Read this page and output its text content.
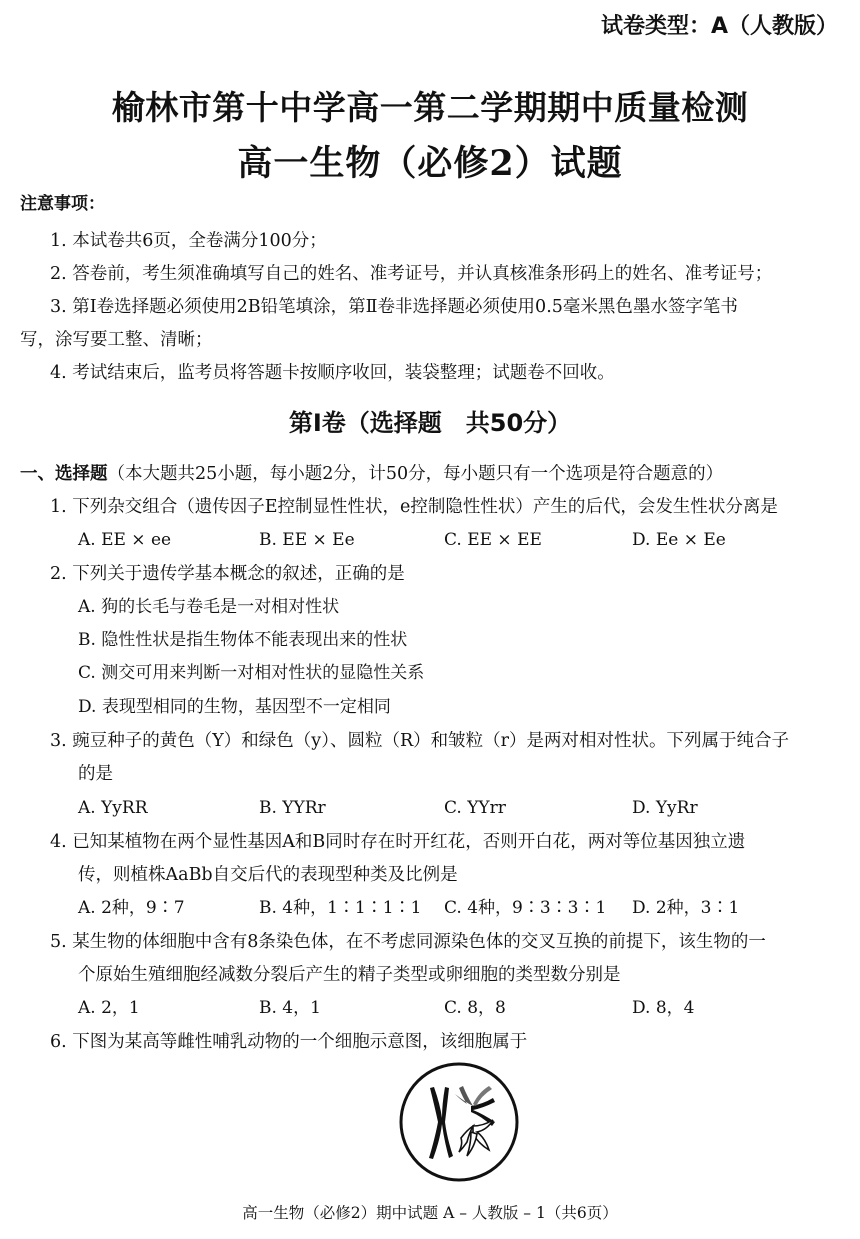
试卷类型：A（人教版）
榆林市第十中学高一第二学期期中质量检测
高一生物（必修2）试题
注意事项：
1. 本试卷共6页，全卷满分100分；
2. 答卷前，考生须准确填写自己的姓名、准考证号，并认真核准条形码上的姓名、准考证号；
3. 第Ⅰ卷选择题必须使用2B铅笔填涂，第Ⅱ卷非选择题必须使用0.5毫米黑色墨水签字笔书
写，涂写要工整、清晰；
4. 考试结束后，监考员将答题卡按顺序收回，装袋整理；试题卷不回收。
第Ⅰ卷（选择题　共50分）
一、选择题（本大题共25小题，每小题2分，计50分，每小题只有一个选项是符合题意的）
1. 下列杂交组合（遗传因子E控制显性性状，e控制隐性性状）产生的后代，会发生性状分离是
A. EE × ee	B. EE × Ee	C. EE × EE	D. Ee × Ee
2. 下列关于遗传学基本概念的叙述，正确的是
A. 狗的长毛与卷毛是一对相对性状
B. 隐性性状是指生物体不能表现出来的性状
C. 测交可用来判断一对相对性状的显隐性关系
D. 表现型相同的生物，基因型不一定相同
3. 豌豆种子的黄色（Y）和绿色（y）、圆粒（R）和皱粒（r）是两对相对性状。下列属于纯合子
的是
A. YyRR	B. YYRr	C. YYrr	D. YyRr
4. 已知某植物在两个显性基因A和B同时存在时开红花，否则开白花，两对等位基因独立遗
传，则植株AaBb自交后代的表现型种类及比例是
A. 2种，9∶7	B. 4种，1∶1∶1∶1 C. 4种，9∶3∶3∶1 D. 2种，3∶1
5. 某生物的体细胞中含有8条染色体，在不考虑同源染色体的交叉互换的前提下，该生物的一
个原始生殖细胞经减数分裂后产生的精子类型或卵细胞的类型数分别是
A. 2，1	B. 4，1	C. 8，8	D. 8，4
6. 下图为某高等雌性哺乳动物的一个细胞示意图，该细胞属于
高一生物（必修2）期中试题 A – 人教版 – 1（共6页）
